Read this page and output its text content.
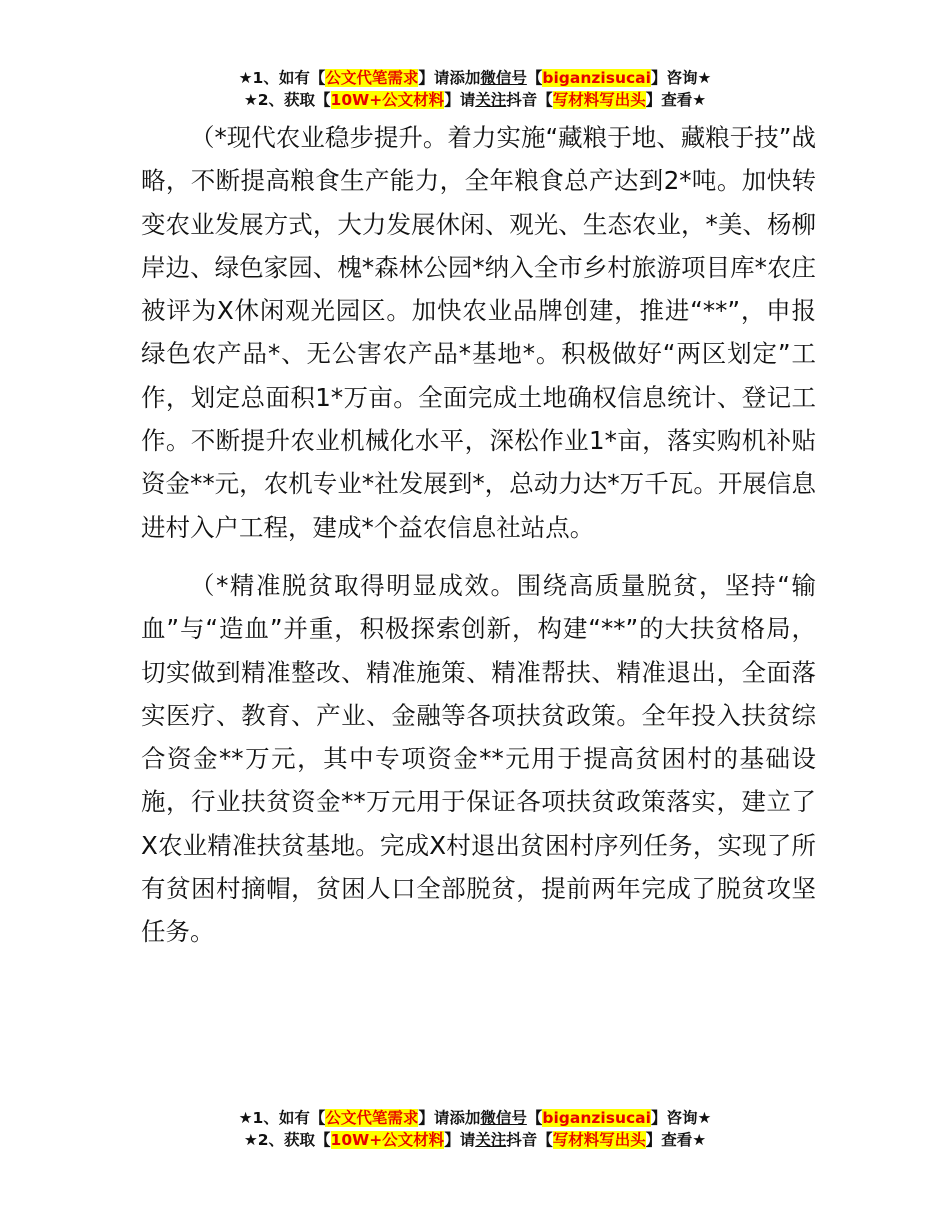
★1、如有【公文代笔需求】请添加微信号【biganzisucai】咨询★
★2、获取【10W+公文材料】请关注抖音【写材料写出头】查看★

（*现代农业稳步提升。着力实施“藏粮于地、藏粮于技”战略，不断提高粮食生产能力，全年粮食总产达到2*吨。加快转变农业发展方式，大力发展休闲、观光、生态农业，*美、杨柳岸边、绿色家园、槐*森林公园*纳入全市乡村旅游项目库*农庄被评为X休闲观光园区。加快农业品牌创建，推进“**”，申报绿色农产品*、无公害农产品*基地*。积极做好“两区划定”工作，划定总面积1*万亩。全面完成土地确权信息统计、登记工作。不断提升农业机械化水平，深松作业1*亩，落实购机补贴资金**元，农机专业*社发展到*，总动力达*万千瓦。开展信息进村入户工程，建成*个益农信息社站点。

（*精准脱贫取得明显成效。围绕高质量脱贫，坚持“输血”与“造血”并重，积极探索创新，构建“**”的大扶贫格局，切实做到精准整改、精准施策、精准帮扶、精准退出，全面落实医疗、教育、产业、金融等各项扶贫政策。全年投入扶贫综合资金**万元，其中专项资金**元用于提高贫困村的基础设施，行业扶贫资金**万元用于保证各项扶贫政策落实，建立了X农业精准扶贫基地。完成X村退出贫困村序列任务，实现了所有贫困村摘帽，贫困人口全部脱贫，提前两年完成了脱贫攻坚任务。

★1、如有【公文代笔需求】请添加微信号【biganzisucai】咨询★
★2、获取【10W+公文材料】请关注抖音【写材料写出头】查看★
